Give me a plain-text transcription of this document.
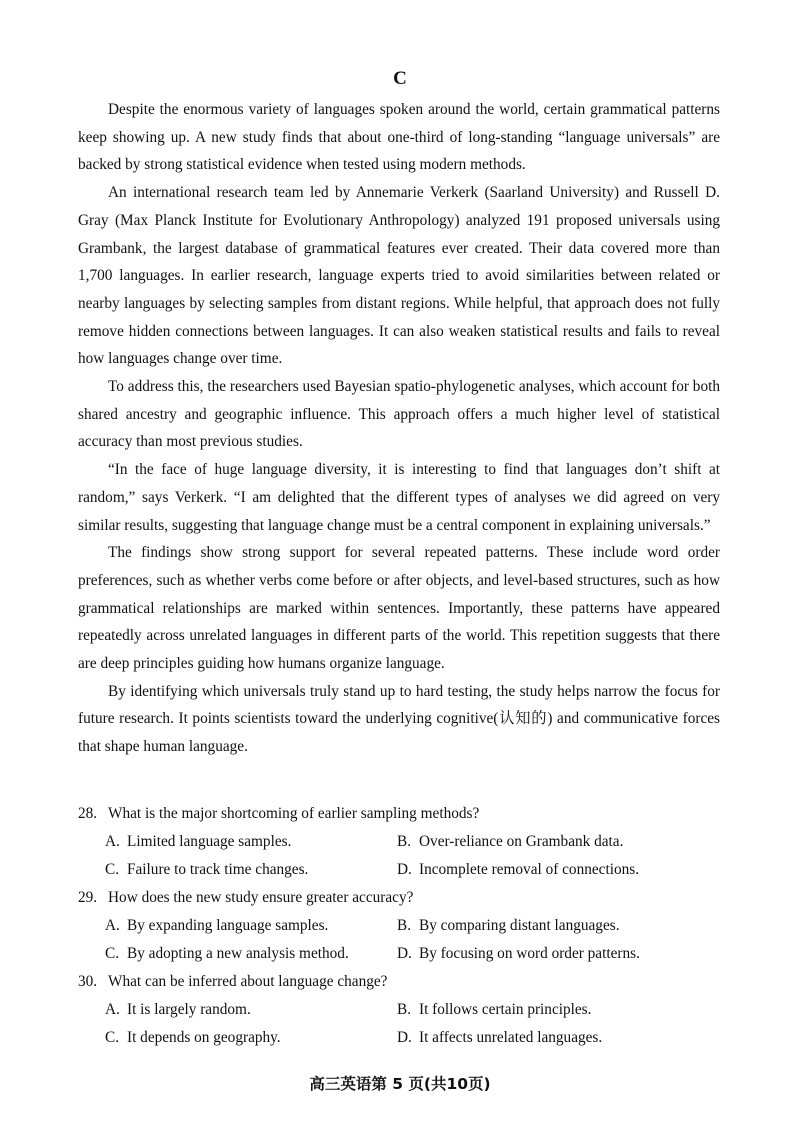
C

Despite the enormous variety of languages spoken around the world, certain grammatical patterns keep showing up. A new study finds that about one-third of long-standing “language universals” are backed by strong statistical evidence when tested using modern methods.

An international research team led by Annemarie Verkerk (Saarland University) and Russell D. Gray (Max Planck Institute for Evolutionary Anthropology) analyzed 191 proposed universals using Grambank, the largest database of grammatical features ever created. Their data covered more than 1,700 languages. In earlier research, language experts tried to avoid similarities between related or nearby languages by selecting samples from distant regions. While helpful, that approach does not fully remove hidden connections between languages. It can also weaken statistical results and fails to reveal how languages change over time.

To address this, the researchers used Bayesian spatio-phylogenetic analyses, which account for both shared ancestry and geographic influence. This approach offers a much higher level of statistical accuracy than most previous studies.

“In the face of huge language diversity, it is interesting to find that languages don’t shift at random,” says Verkerk. “I am delighted that the different types of analyses we did agreed on very similar results, suggesting that language change must be a central component in explaining universals.”

The findings show strong support for several repeated patterns. These include word order preferences, such as whether verbs come before or after objects, and level-based structures, such as how grammatical relationships are marked within sentences. Importantly, these patterns have appeared repeatedly across unrelated languages in different parts of the world. This repetition suggests that there are deep principles guiding how humans organize language.

By identifying which universals truly stand up to hard testing, the study helps narrow the focus for future research. It points scientists toward the underlying cognitive(认知的) and communicative forces that shape human language.

28. What is the major shortcoming of earlier sampling methods?
A. Limited language samples.	B. Over-reliance on Grambank data.
C. Failure to track time changes.	D. Incomplete removal of connections.
29. How does the new study ensure greater accuracy?
A. By expanding language samples.	B. By comparing distant languages.
C. By adopting a new analysis method.	D. By focusing on word order patterns.
30. What can be inferred about language change?
A. It is largely random.	B. It follows certain principles.
C. It depends on geography.	D. It affects unrelated languages.
高三英语第 5 页(共10页)
